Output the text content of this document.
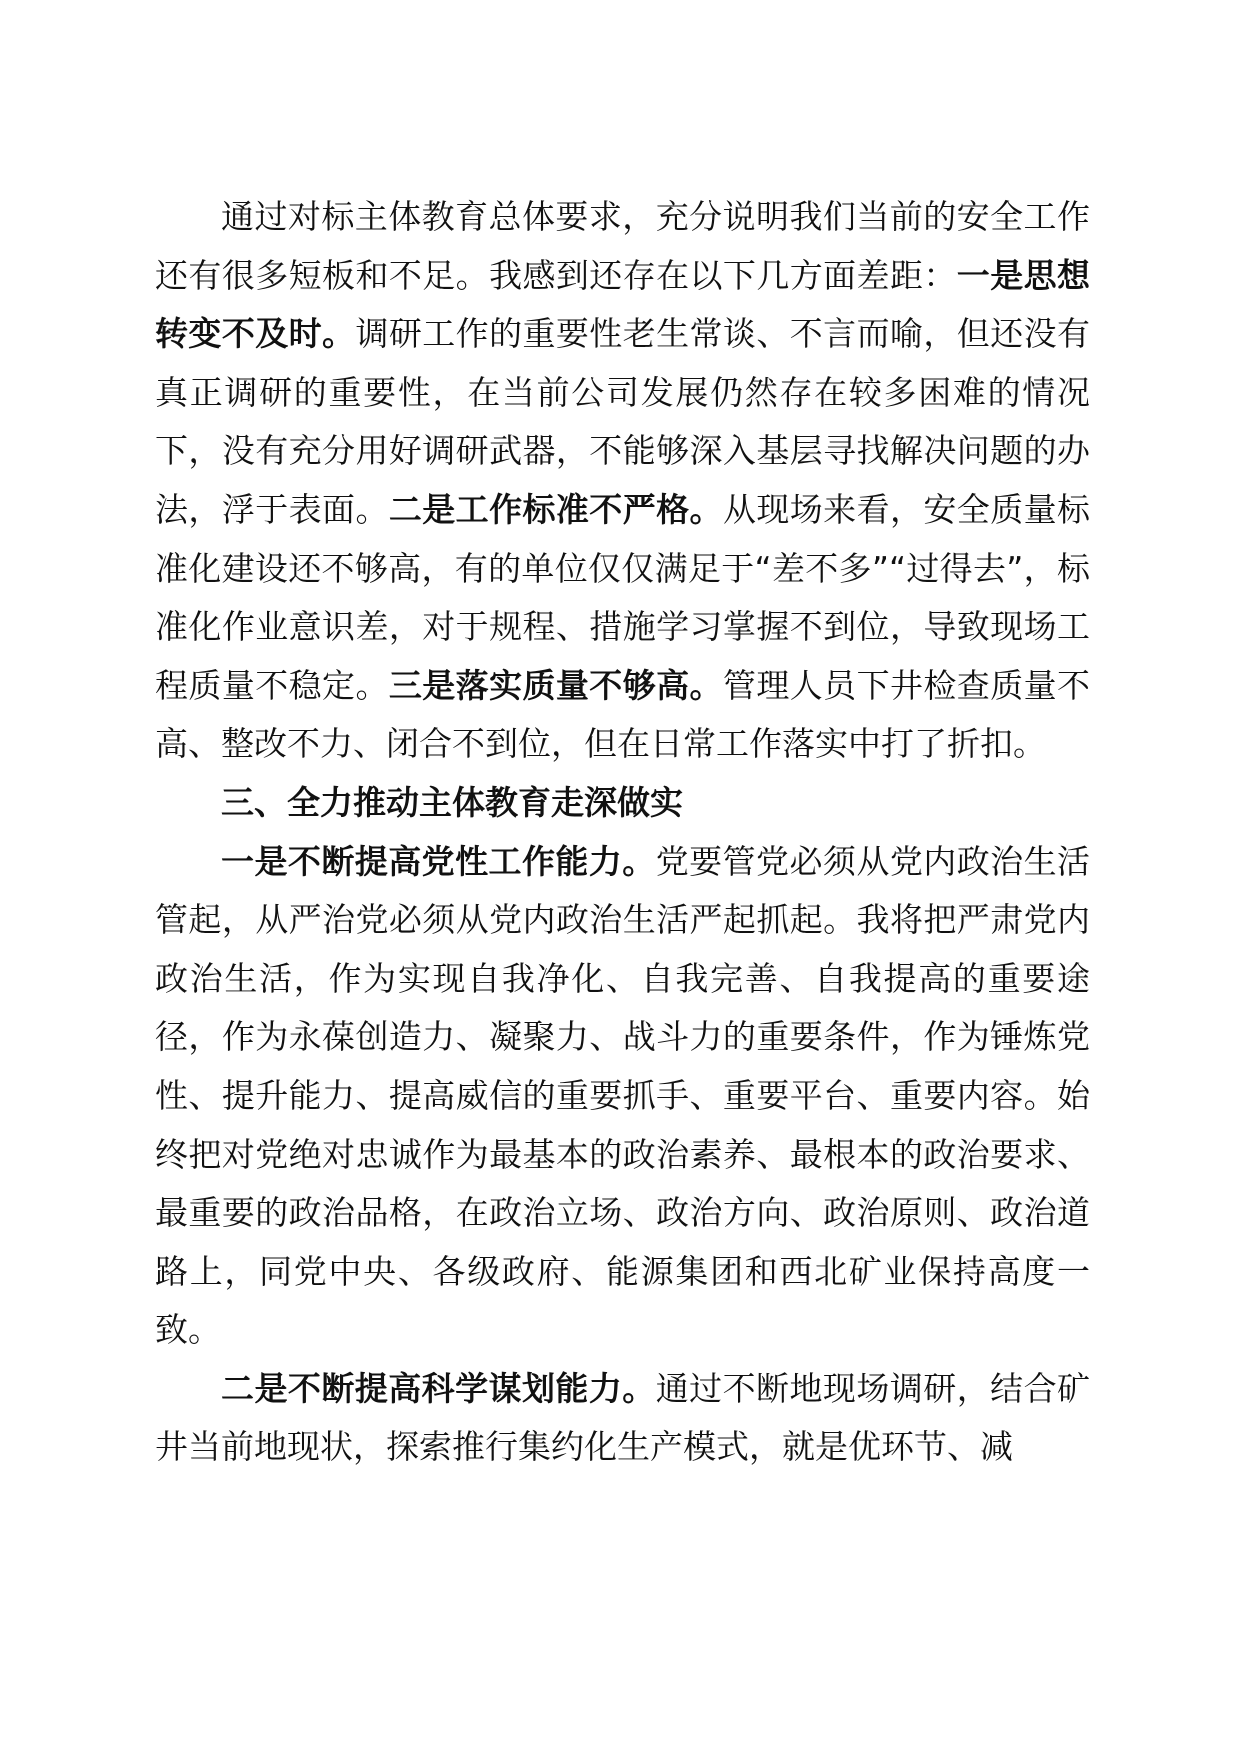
通过对标主体教育总体要求，充分说明我们当前的安全工作还有很多短板和不足。我感到还存在以下几方面差距：一是思想转变不及时。调研工作的重要性老生常谈、不言而喻，但还没有真正调研的重要性，在当前公司发展仍然存在较多困难的情况下，没有充分用好调研武器，不能够深入基层寻找解决问题的办法，浮于表面。二是工作标准不严格。从现场来看，安全质量标准化建设还不够高，有的单位仅仅满足于“差不多”“过得去”，标准化作业意识差，对于规程、措施学习掌握不到位，导致现场工程质量不稳定。三是落实质量不够高。管理人员下井检查质量不高、整改不力、闭合不到位，但在日常工作落实中打了折扣。

三、全力推动主体教育走深做实

一是不断提高党性工作能力。党要管党必须从党内政治生活管起，从严治党必须从党内政治生活严起抓起。我将把严肃党内政治生活，作为实现自我净化、自我完善、自我提高的重要途径，作为永葆创造力、凝聚力、战斗力的重要条件，作为锤炼党性、提升能力、提高威信的重要抓手、重要平台、重要内容。始终把对党绝对忠诚作为最基本的政治素养、最根本的政治要求、最重要的政治品格，在政治立场、政治方向、政治原则、政治道路上，同党中央、各级政府、能源集团和西北矿业保持高度一致。

二是不断提高科学谋划能力。通过不断地现场调研，结合矿井当前地现状，探索推行集约化生产模式，就是优环节、减
